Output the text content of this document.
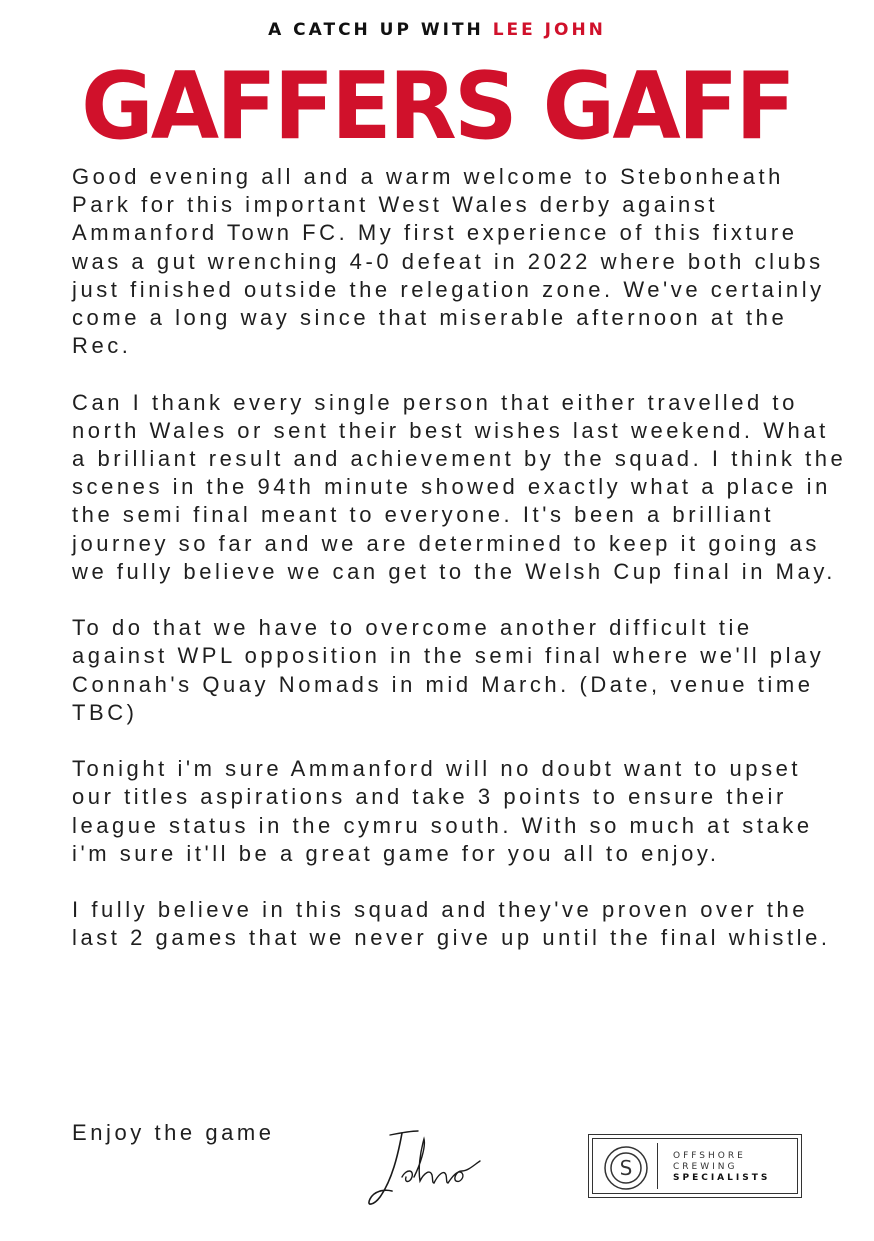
A CATCH UP WITH LEE JOHN
GAFFERS GAFF

Good evening all and a warm welcome to Stebonheath Park for this important West Wales derby against Ammanford Town FC. My first experience of this fixture was a gut wrenching 4-0 defeat in 2022 where both clubs just finished outside the relegation zone. We've certainly come a long way since that miserable afternoon at the Rec.

Can I thank every single person that either travelled to north Wales or sent their best wishes last weekend. What a brilliant result and achievement by the squad. I think the scenes in the 94th minute showed exactly what a place in the semi final meant to everyone. It's been a brilliant journey so far and we are determined to keep it going as we fully believe we can get to the Welsh Cup final in May.

To do that we have to overcome another difficult tie against WPL opposition in the semi final where we'll play Connah's Quay Nomads in mid March. (Date, venue time TBC)

Tonight i'm sure Ammanford will no doubt want to upset our titles aspirations and take 3 points to ensure their league status in the cymru south. With so much at stake i'm sure it'll be a great game for you all to enjoy.

I fully believe in this squad and they've proven over the last 2 games that we never give up until the final whistle.

Enjoy the game
S	OFFSHORE
CREWING
SPECIALISTS
